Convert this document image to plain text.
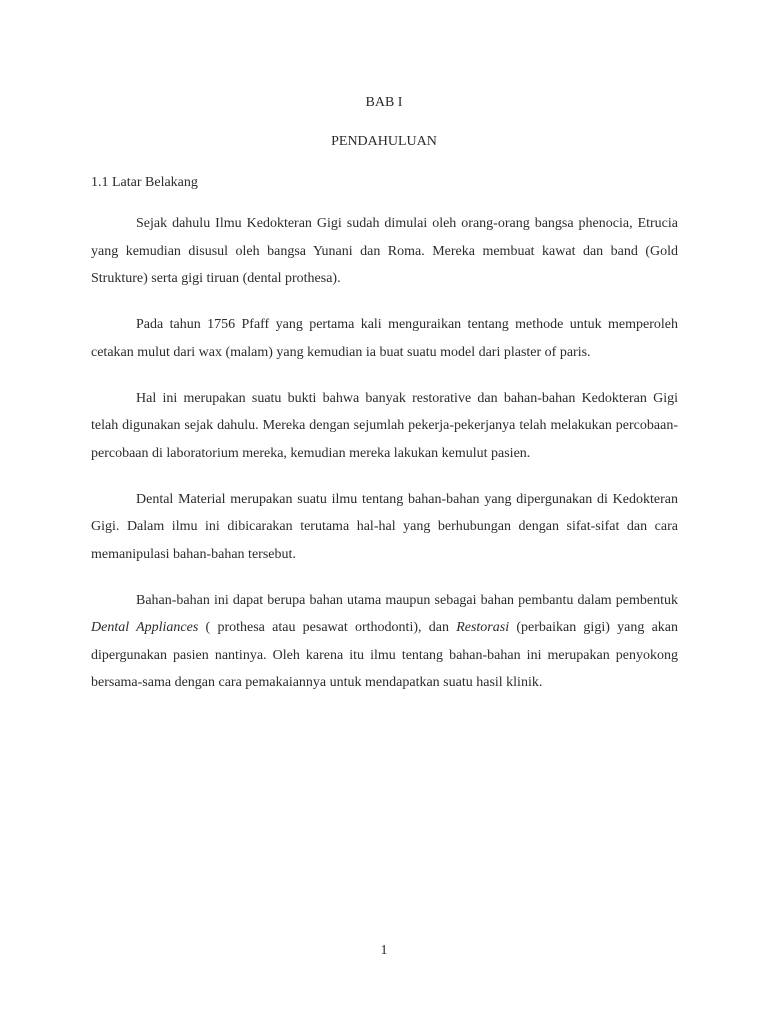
BAB I
PENDAHULUAN
1.1 Latar Belakang

Sejak dahulu Ilmu Kedokteran Gigi sudah dimulai oleh orang-orang bangsa phenocia, Etrucia yang kemudian disusul oleh bangsa Yunani dan Roma. Mereka membuat kawat dan band (Gold Strukture) serta gigi tiruan (dental prothesa).

Pada tahun 1756 Pfaff yang pertama kali menguraikan tentang methode untuk memperoleh cetakan mulut dari wax (malam) yang kemudian ia buat suatu model dari plaster of paris.

Hal ini merupakan suatu bukti bahwa banyak restorative dan bahan-bahan Kedokteran Gigi telah digunakan sejak dahulu. Mereka dengan sejumlah pekerja-pekerjanya telah melakukan percobaan-percobaan di laboratorium mereka, kemudian mereka lakukan kemulut pasien.

Dental Material merupakan suatu ilmu tentang bahan-bahan yang dipergunakan di Kedokteran Gigi. Dalam ilmu ini dibicarakan terutama hal-hal yang berhubungan dengan sifat-sifat dan cara memanipulasi bahan-bahan tersebut.

Bahan-bahan ini dapat berupa bahan utama maupun sebagai bahan pembantu dalam pembentuk Dental Appliances ( prothesa atau pesawat orthodonti), dan Restorasi (perbaikan gigi) yang akan dipergunakan pasien nantinya. Oleh karena itu ilmu tentang bahan-bahan ini merupakan penyokong bersama-sama dengan cara pemakaiannya untuk mendapatkan suatu hasil klinik.

1
